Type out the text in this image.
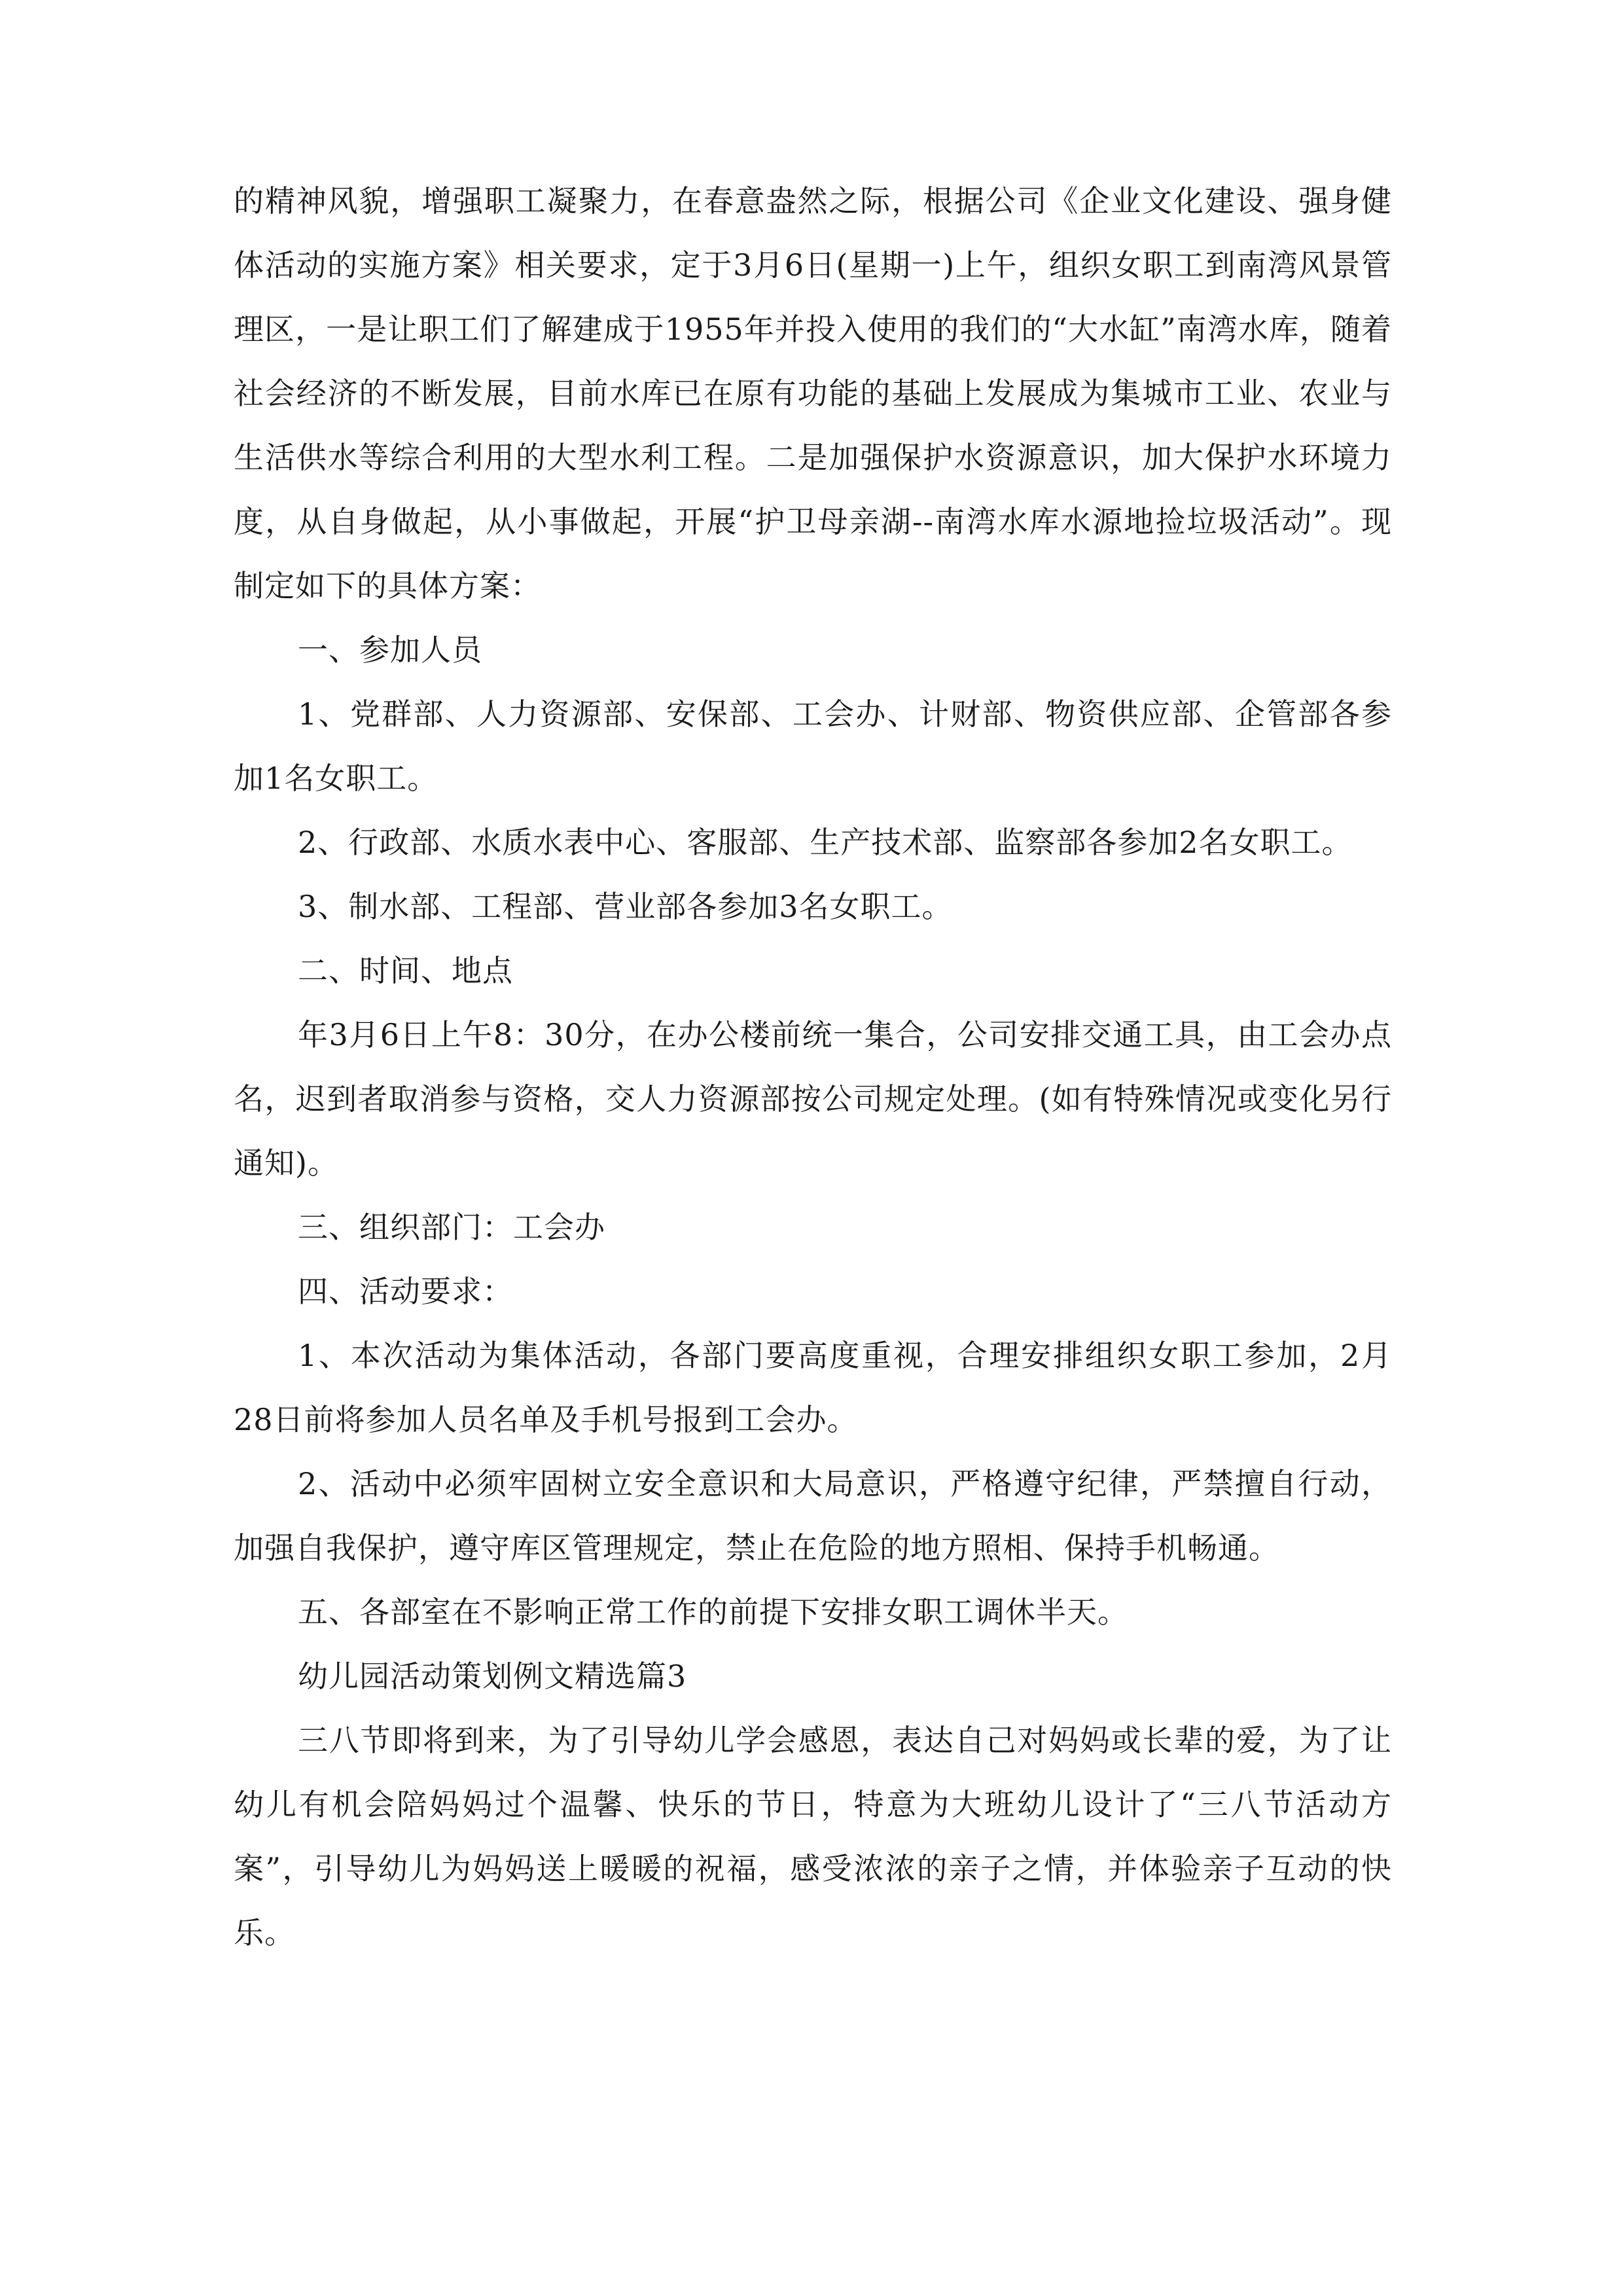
的精神风貌，增强职工凝聚力，在春意盎然之际，根据公司《企业文化建设、强身健体活动的实施方案》相关要求，定于3月6日(星期一)上午，组织女职工到南湾风景管理区，一是让职工们了解建成于1955年并投入使用的我们的“大水缸”南湾水库，随着社会经济的不断发展，目前水库已在原有功能的基础上发展成为集城市工业、农业与生活供水等综合利用的大型水利工程。二是加强保护水资源意识，加大保护水环境力度，从自身做起，从小事做起，开展“护卫母亲湖--南湾水库水源地捡垃圾活动”。现制定如下的具体方案：

一、参加人员

1、党群部、人力资源部、安保部、工会办、计财部、物资供应部、企管部各参加1名女职工。

2、行政部、水质水表中心、客服部、生产技术部、监察部各参加2名女职工。

3、制水部、工程部、营业部各参加3名女职工。

二、时间、地点

年3月6日上午8：30分，在办公楼前统一集合，公司安排交通工具，由工会办点名，迟到者取消参与资格，交人力资源部按公司规定处理。(如有特殊情况或变化另行通知)。

三、组织部门：工会办

四、活动要求：

1、本次活动为集体活动，各部门要高度重视，合理安排组织女职工参加，2月28日前将参加人员名单及手机号报到工会办。

2、活动中必须牢固树立安全意识和大局意识，严格遵守纪律，严禁擅自行动，加强自我保护，遵守库区管理规定，禁止在危险的地方照相、保持手机畅通。

五、各部室在不影响正常工作的前提下安排女职工调休半天。

幼儿园活动策划例文精选篇3

三八节即将到来，为了引导幼儿学会感恩，表达自己对妈妈或长辈的爱，为了让幼儿有机会陪妈妈过个温馨、快乐的节日，特意为大班幼儿设计了“三八节活动方案”，引导幼儿为妈妈送上暖暖的祝福，感受浓浓的亲子之情，并体验亲子互动的快乐。
